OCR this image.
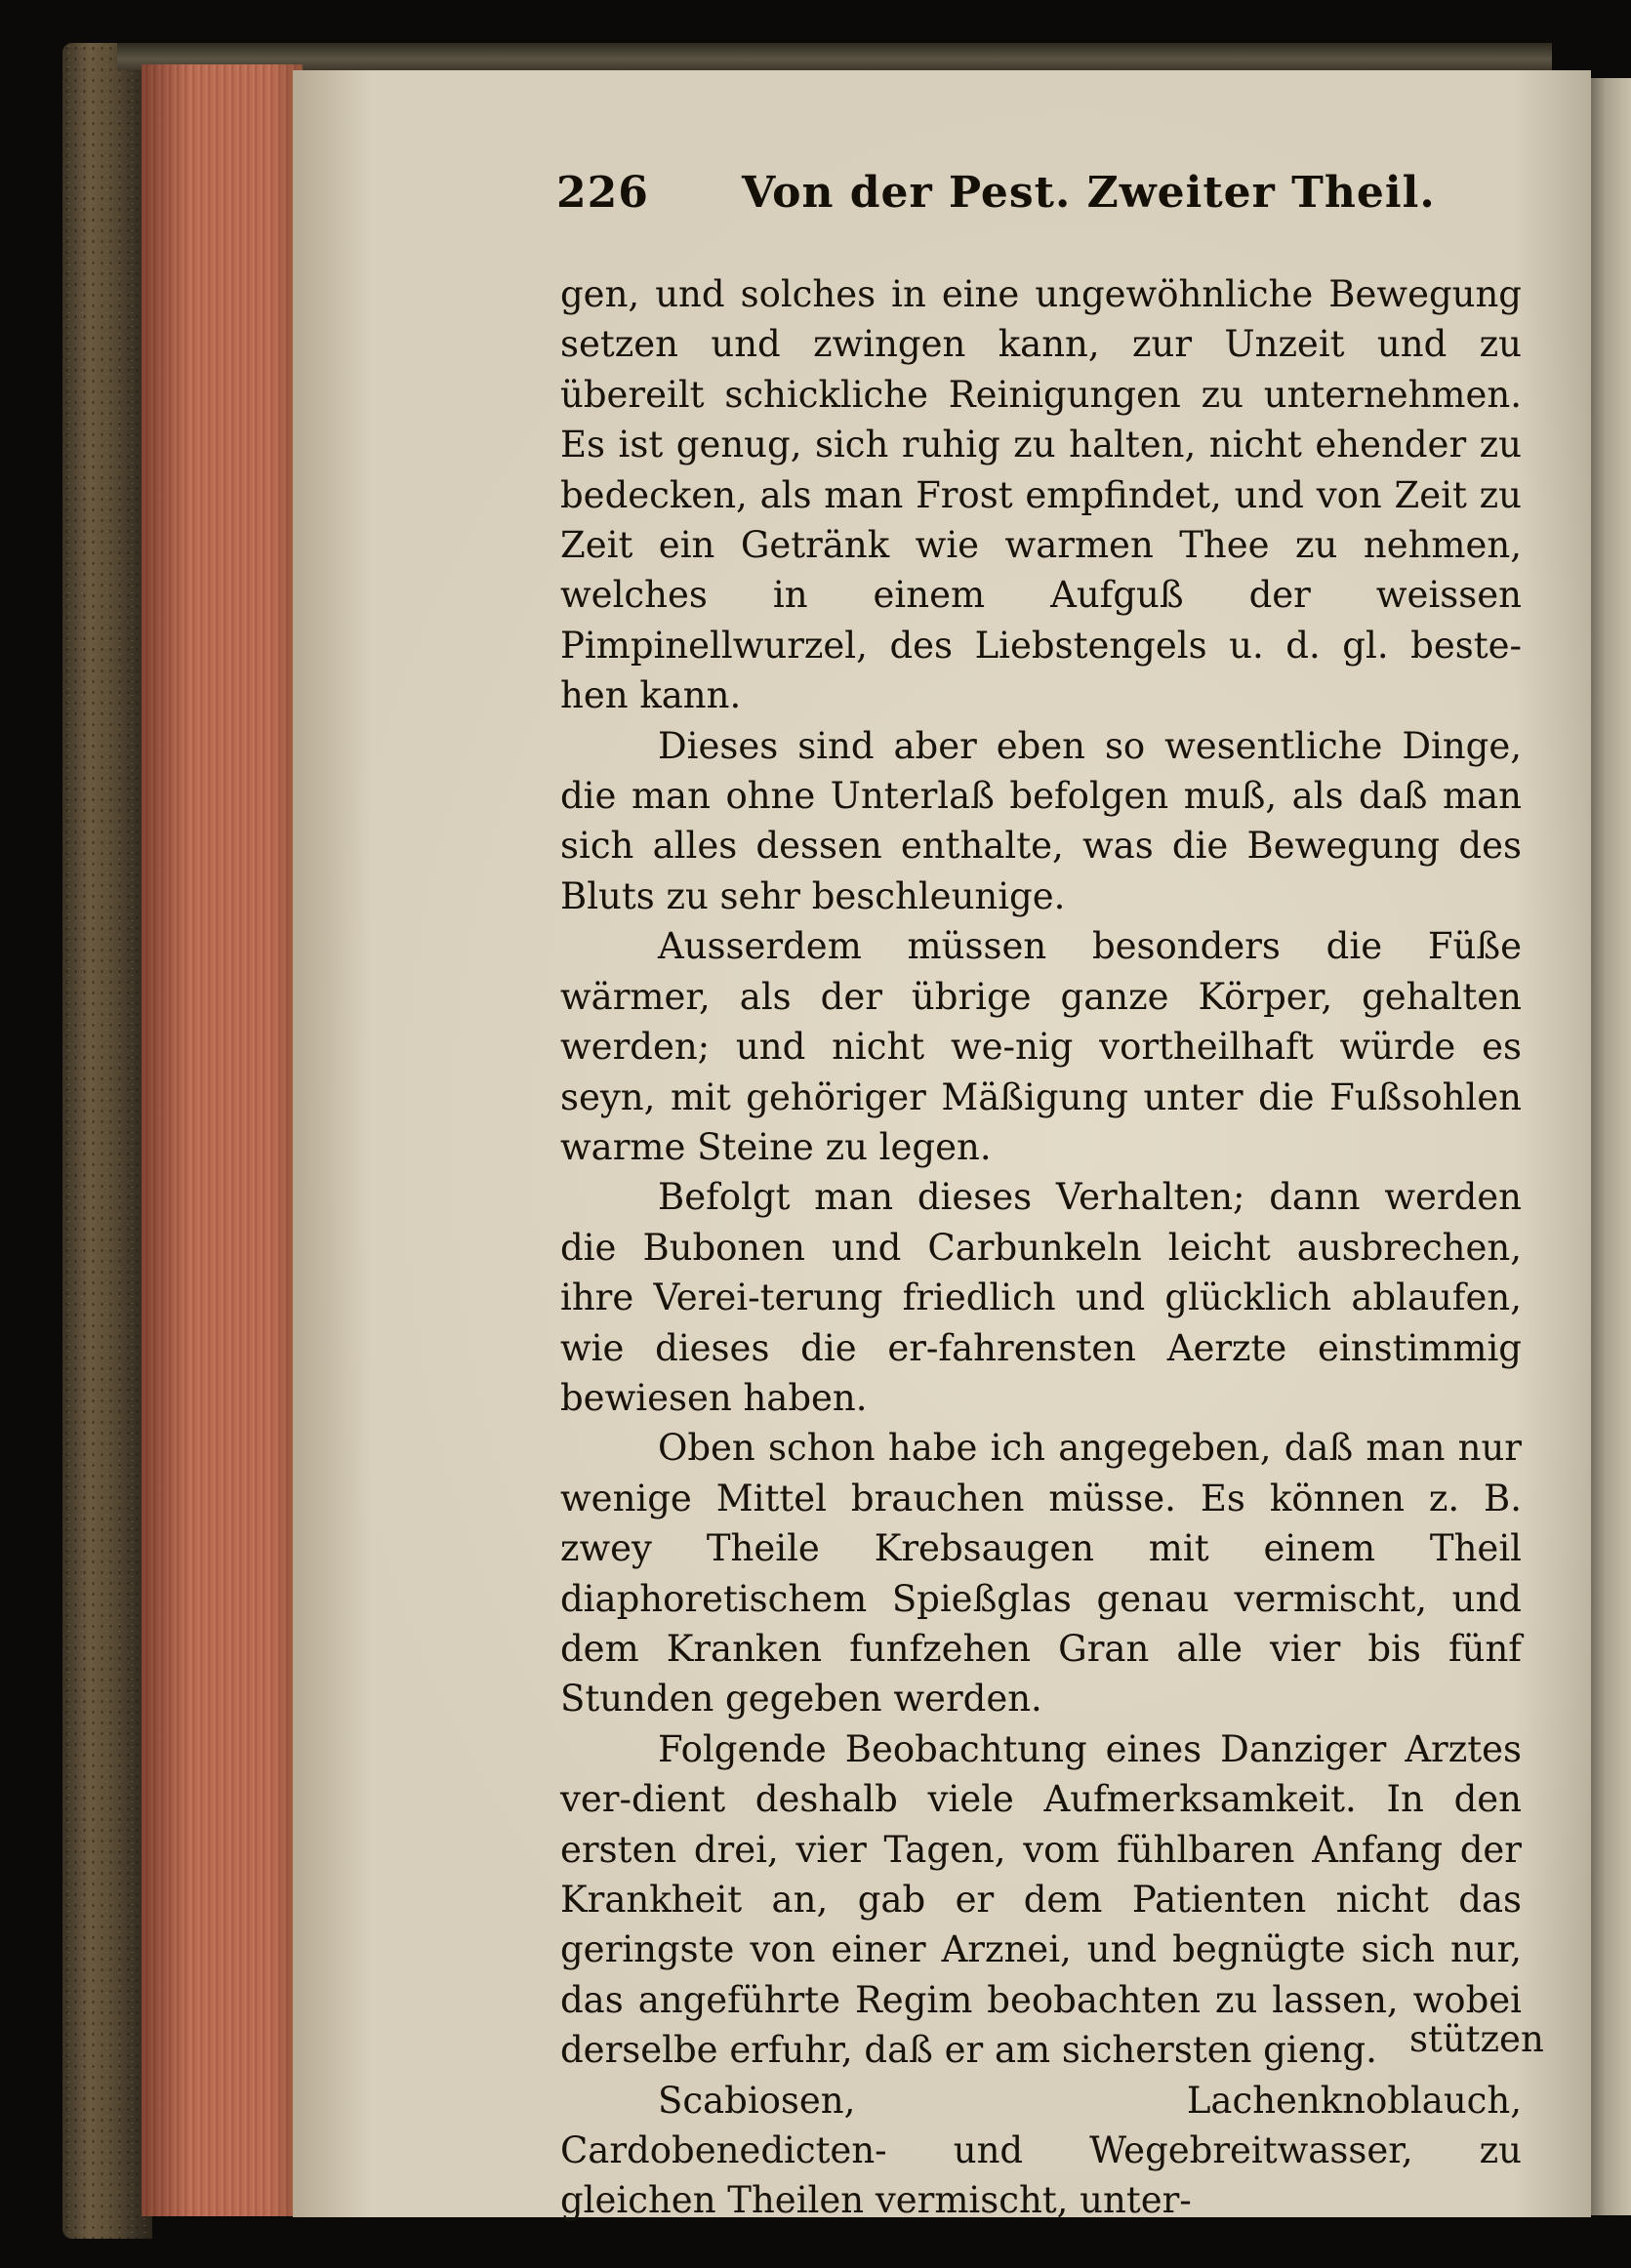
226 Von der Pest. Zweiter Theil.

gen, und solches in eine ungewöhnliche Bewegung setzen und zwingen kann, zur Unzeit und zu übereilt schickliche Reinigungen zu unternehmen. Es ist genug, sich ruhig zu halten, nicht ehender zu bedecken, als man Frost empfindet, und von Zeit zu Zeit ein Getränk wie warmen Thee zu nehmen, welches in einem Aufguß der weissen Pimpinellwurzel, des Liebstengels u. d. gl. beste-hen kann.

Dieses sind aber eben so wesentliche Dinge, die man ohne Unterlaß befolgen muß, als daß man sich alles dessen enthalte, was die Bewegung des Bluts zu sehr beschleunige.

Ausserdem müssen besonders die Füße wärmer, als der übrige ganze Körper, gehalten werden; und nicht we-nig vortheilhaft würde es seyn, mit gehöriger Mäßigung unter die Fußsohlen warme Steine zu legen.

Befolgt man dieses Verhalten; dann werden die Bubonen und Carbunkeln leicht ausbrechen, ihre Verei-terung friedlich und glücklich ablaufen, wie dieses die er-fahrensten Aerzte einstimmig bewiesen haben.

Oben schon habe ich angegeben, daß man nur wenige Mittel brauchen müsse. Es können z. B. zwey Theile Krebsaugen mit einem Theil diaphoretischem Spießglas genau vermischt, und dem Kranken funfzehen Gran alle vier bis fünf Stunden gegeben werden.

Folgende Beobachtung eines Danziger Arztes ver-dient deshalb viele Aufmerksamkeit. In den ersten drei, vier Tagen, vom fühlbaren Anfang der Krankheit an, gab er dem Patienten nicht das geringste von einer Arznei, und begnügte sich nur, das angeführte Regim beobachten zu lassen, wobei derselbe erfuhr, daß er am sichersten gieng.

Scabiosen, Lachenknoblauch, Cardobenedicten- und Wegebreitwasser, zu gleichen Theilen vermischt, unter-

stützen
